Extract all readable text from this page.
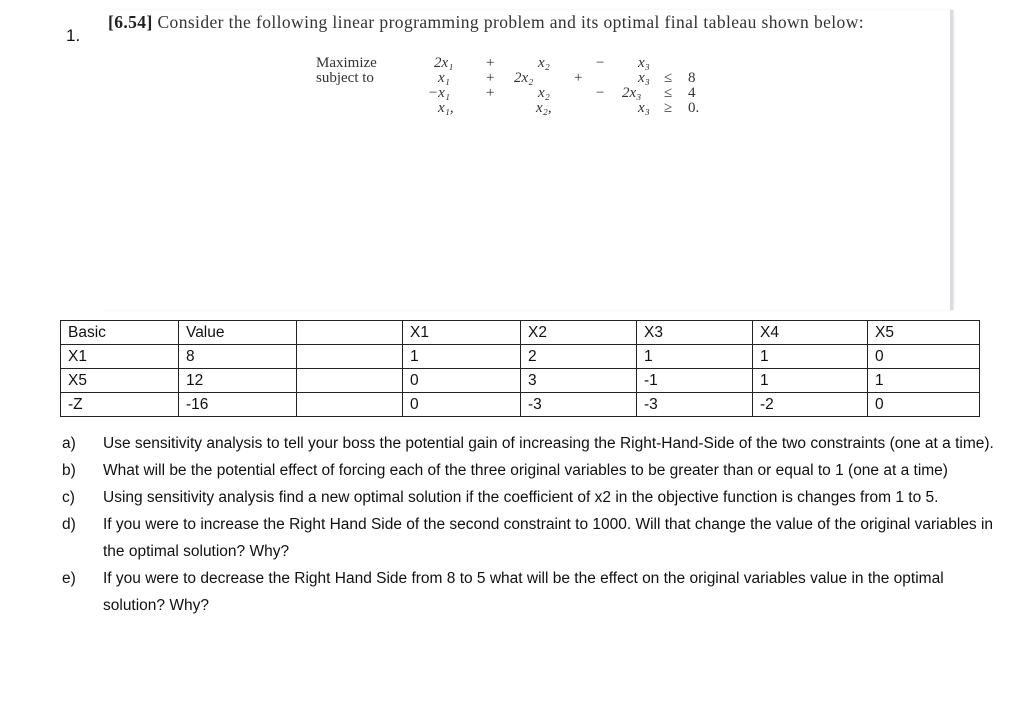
1.
[6.54] Consider the following linear programming problem and its optimal final tableau shown below:
Maximize	2x₁ +	x₂	− x₃
subject to	x₁ + 2x₂	+	x₃ ≤ 8
−x₁ +	x₂	− 2x₃ ≤ 4
x₁,	x₂,	x₃ ≥ 0.
Basic	Value		X1	X2	X3	X4	X5
X1	8		1	2	1	1	0
X5	12		0	3	-1	1	1
-Z	-16		0	-3	-3	-2	0
a)	Use sensitivity analysis to tell your boss the potential gain of increasing the Right-Hand-Side of the two constraints (one at a time).
b)	What will be the potential effect of forcing each of the three original variables to be greater than or equal to 1 (one at a time)
c)	Using sensitivity analysis find a new optimal solution if the coefficient of x2 in the objective function is changes from 1 to 5.
d)	If you were to increase the Right Hand Side of the second constraint to 1000. Will that change the value of the original variables in the optimal solution? Why?
e)	If you were to decrease the Right Hand Side from 8 to 5 what will be the effect on the original variables value in the optimal solution? Why?
